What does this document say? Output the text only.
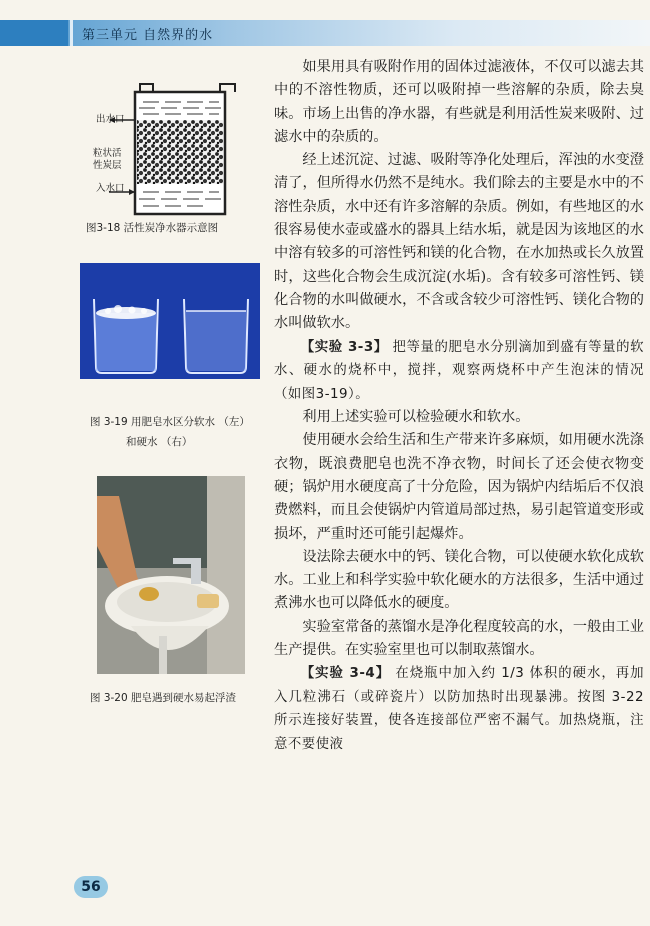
第三单元 自然界的水
出水口
粒状活
性炭层
入水口
图3-18 活性炭净水器示意图
图 3-19 用肥皂水区分软水 （左）
和硬水 （右）
图 3-20 肥皂遇到硬水易起浮渣

如果用具有吸附作用的固体过滤液体，不仅可以滤去其中的不溶性物质，还可以吸附掉一些溶解的杂质，除去臭味。市场上出售的净水器，有些就是利用活性炭来吸附、过滤水中的杂质的。

经上述沉淀、过滤、吸附等净化处理后，浑浊的水变澄清了，但所得水仍然不是纯水。我们除去的主要是水中的不溶性杂质，水中还有许多溶解的杂质。例如，有些地区的水很容易使水壶或盛水的器具上结水垢，就是因为该地区的水中溶有较多的可溶性钙和镁的化合物，在水加热或长久放置时，这些化合物会生成沉淀(水垢)。含有较多可溶性钙、镁化合物的水叫做硬水，不含或含较少可溶性钙、镁化合物的水叫做软水。

【实验 3-3】 把等量的肥皂水分别滴加到盛有等量的软水、硬水的烧杯中，搅拌，观察两烧杯中产生泡沫的情况（如图3-19）。

利用上述实验可以检验硬水和软水。

使用硬水会给生活和生产带来许多麻烦，如用硬水洗涤衣物，既浪费肥皂也洗不净衣物，时间长了还会使衣物变硬；锅炉用水硬度高了十分危险，因为锅炉内结垢后不仅浪费燃料，而且会使锅炉内管道局部过热，易引起管道变形或损坏，严重时还可能引起爆炸。

设法除去硬水中的钙、镁化合物，可以使硬水软化成软水。工业上和科学实验中软化硬水的方法很多，生活中通过煮沸水也可以降低水的硬度。

实验室常备的蒸馏水是净化程度较高的水，一般由工业生产提供。在实验室里也可以制取蒸馏水。

【实验 3-4】 在烧瓶中加入约 1/3 体积的硬水，再加入几粒沸石（或碎瓷片）以防加热时出现暴沸。按图 3-22 所示连接好装置，使各连接部位严密不漏气。加热烧瓶，注意不要使液

56
